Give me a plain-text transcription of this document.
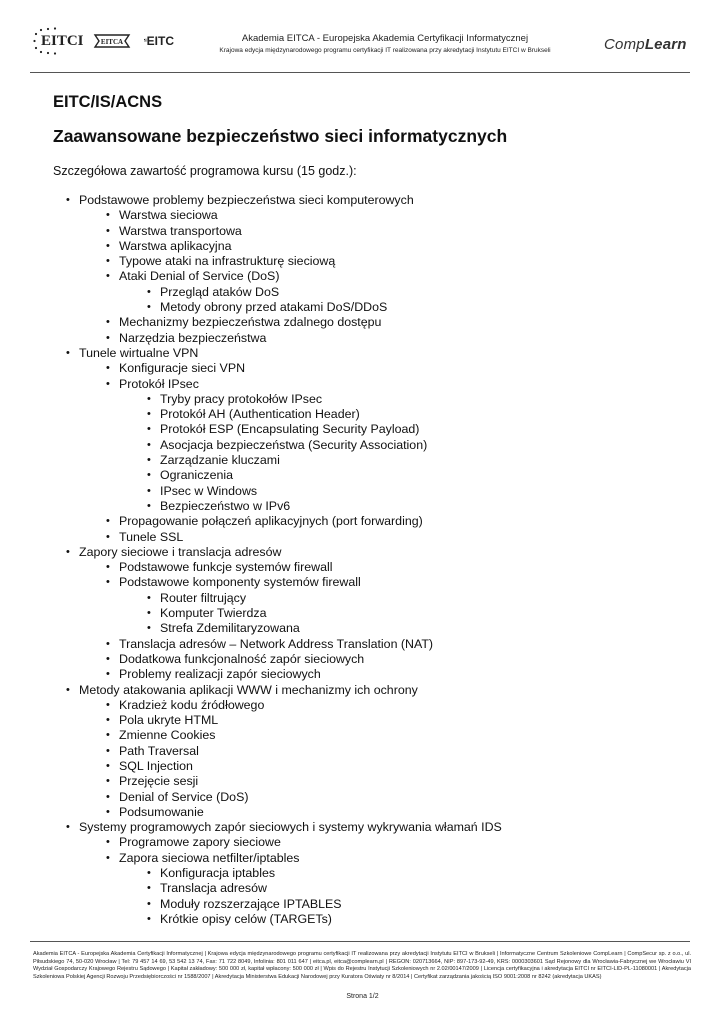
EITCI EITCA EITC	Akademia EITCA - Europejska Akademia Certyfikacji Informatycznej
Krajowa edycja międzynarodowego programu certyfikacji IT realizowana przy akredytacji Instytutu EITCI w Brukseli	CompLearn
EITC/IS/ACNS
Zaawansowane bezpieczeństwo sieci informatycznych
Szczegółowa zawartość programowa kursu (15 godz.):
• Podstawowe problemy bezpieczeństwa sieci komputerowych
• Warstwa sieciowa
• Warstwa transportowa
• Warstwa aplikacyjna
• Typowe ataki na infrastrukturę sieciową
• Ataki Denial of Service (DoS)
• Przegląd ataków DoS
• Metody obrony przed atakami DoS/DDoS
• Mechanizmy bezpieczeństwa zdalnego dostępu
• Narzędzia bezpieczeństwa
• Tunele wirtualne VPN
• Konfiguracje sieci VPN
• Protokół IPsec
• Tryby pracy protokołów IPsec
• Protokół AH (Authentication Header)
• Protokół ESP (Encapsulating Security Payload)
• Asocjacja bezpieczeństwa (Security Association)
• Zarządzanie kluczami
• Ograniczenia
• IPsec w Windows
• Bezpieczeństwo w IPv6
• Propagowanie połączeń aplikacyjnych (port forwarding)
• Tunele SSL
• Zapory sieciowe i translacja adresów
• Podstawowe funkcje systemów firewall
• Podstawowe komponenty systemów firewall
• Router filtrujący
• Komputer Twierdza
• Strefa Zdemilitaryzowana
• Translacja adresów – Network Address Translation (NAT)
• Dodatkowa funkcjonalność zapór sieciowych
• Problemy realizacji zapór sieciowych
• Metody atakowania aplikacji WWW i mechanizmy ich ochrony
• Kradzież kodu źródłowego
• Pola ukryte HTML
• Zmienne Cookies
• Path Traversal
• SQL Injection
• Przejęcie sesji
• Denial of Service (DoS)
• Podsumowanie
• Systemy programowych zapór sieciowych i systemy wykrywania włamań IDS
• Programowe zapory sieciowe
• Zapora sieciowa netfilter/iptables
• Konfiguracja iptables
• Translacja adresów
• Moduły rozszerzające IPTABLES
• Krótkie opisy celów (TARGETs)
Akademia EITCA - Europejska Akademia Certyfikacji Informatycznej | Krajowa edycja międzynarodowego programu certyfikacji IT realizowana przy akredytacji Instytutu EITCI w Brukseli | Informatyczne Centrum Szkoleniowe CompLearn | CompSecur sp. z o.o., ul. Piłsudskiego 74, 50-020 Wrocław | Tel: 79 457 14 69, 53 542 13 74, Fax: 71 722 8049, Infolinia: 801 011 647 | eitca.pl, eitca@complearn.pl | REGON: 020713664, NIP: 897-173-92-49, KRS: 0000303601 Sąd Rejonowy dla Wrocławia-Fabrycznej we Wrocławiu VI Wydział Gospodarczy Krajowego Rejestru Sądowego | Kapitał zakładowy: 500 000 zł, kapitał wpłacony: 500 000 zł | Wpis do Rejestru Instytucji Szkoleniowych nr 2.02/00147/2009 | Licencja certyfikacyjna i akredytacja EITCI nr EITCI-LID-PL-11080001 | Akredytacja Szkoleniowa Polskiej Agencji Rozwoju Przedsiębiorczości nr 1588/2007 | Akredytacja Ministerstwa Edukacji Narodowej przy Kuratora Oświaty nr 8/2014 | Certyfikat zarządzania jakością ISO 9001:2008 nr 8242 (akredytacja UKAS)
Strona 1/2
